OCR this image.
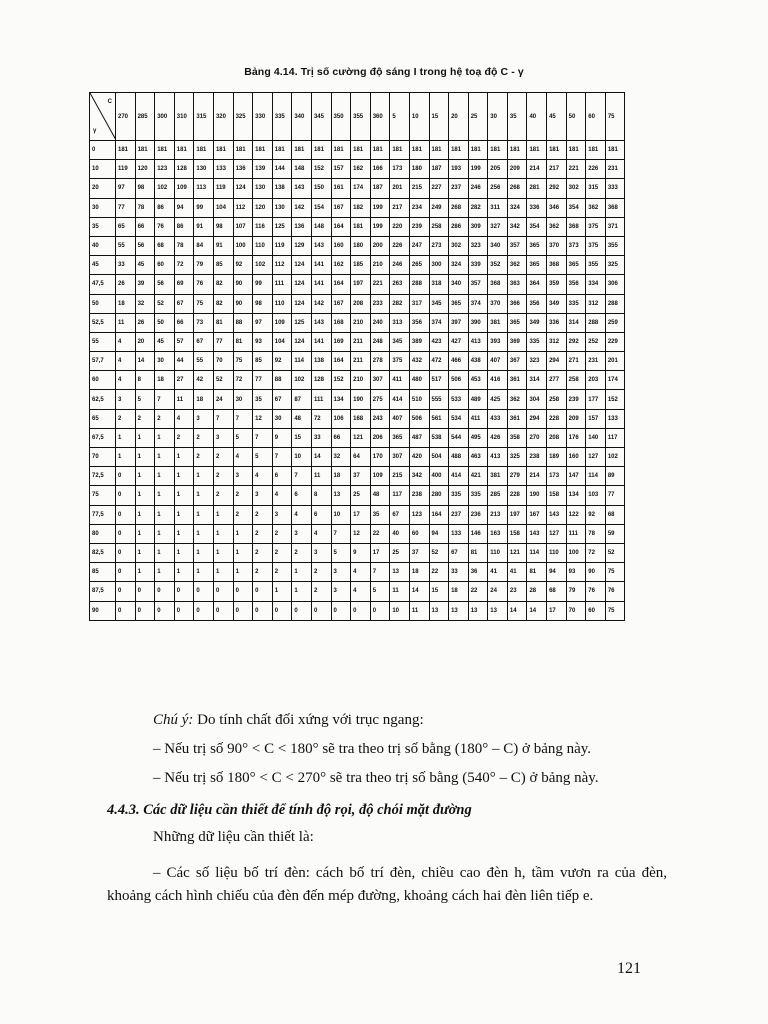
Bảng 4.14. Trị số cường độ sáng I trong hệ toạ độ C - γ
C
γ	270	285	300	310	315	320	325	330	335	340	345	350	355	360	5	10	15	20	25	30	35	40	45	50	60	75
0	181	181	181	181	181	181	181	181	181	181	181	181	181	181	181	181	181	181	181	181	181	181	181	181	181	181
10	119	120	123	128	130	133	136	139	144	148	152	157	162	166	173	180	187	193	199	205	209	214	217	221	226	231
20	97	98	102	109	113	119	124	130	138	143	150	161	174	187	201	215	227	237	246	256	268	281	292	302	315	333
30	77	78	86	94	99	104	112	120	130	142	154	167	182	199	217	234	249	268	282	311	324	336	346	354	362	368
35	65	66	76	86	91	98	107	116	125	136	148	164	181	199	220	239	258	286	309	327	342	354	362	368	375	371
40	55	56	68	78	84	91	100	110	119	129	143	160	180	200	226	247	273	302	323	340	357	365	370	373	375	355
45	33	45	60	72	79	85	92	102	112	124	141	162	185	210	246	265	300	324	339	352	362	365	368	365	355	325
47,5	26	39	56	69	76	82	90	99	111	124	141	164	197	221	263	288	318	340	357	368	363	364	359	356	334	306
50	18	32	52	67	75	82	90	98	110	124	142	167	208	233	282	317	345	365	374	370	366	356	349	335	312	288
52,5	11	26	50	66	73	81	88	97	109	125	143	168	210	240	313	356	374	397	390	381	365	349	336	314	288	259
55	4	20	45	57	67	77	81	93	104	124	141	169	211	248	345	389	423	427	413	393	369	335	312	292	252	229
57,7	4	14	30	44	55	70	75	85	92	114	138	164	211	278	375	432	472	466	438	407	367	323	294	271	231	201
60	4	8	18	27	42	52	72	77	88	102	128	152	210	307	411	480	517	506	453	416	361	314	277	258	203	174
62,5	3	5	7	11	18	24	30	35	67	87	111	134	190	275	414	510	555	533	489	425	362	304	258	239	177	152
65	2	2	2	4	3	7	7	12	30	48	72	106	168	243	407	506	561	534	411	433	361	294	228	209	157	133
67,5	1	1	1	2	2	3	5	7	9	15	33	66	121	206	365	487	538	544	495	426	358	270	208	176	140	117
70	1	1	1	1	2	2	4	5	7	10	14	32	64	170	307	420	504	488	463	413	325	238	189	160	127	102
72,5	0	1	1	1	1	2	3	4	6	7	11	18	37	109	215	342	400	414	421	381	279	214	173	147	114	89
75	0	1	1	1	1	2	2	3	4	6	8	13	25	48	117	238	280	335	335	285	228	190	158	134	103	77
77,5	0	1	1	1	1	1	2	2	3	4	6	10	17	35	67	123	164	237	236	213	197	167	143	122	92	68
80	0	1	1	1	1	1	1	2	2	3	4	7	12	22	40	60	94	133	146	163	158	143	127	111	78	59
82,5	0	1	1	1	1	1	1	2	2	2	3	5	9	17	25	37	52	67	81	110	121	114	110	100	72	52
85	0	1	1	1	1	1	1	2	2	1	2	3	4	7	13	18	22	33	36	41	41	81	94	93	90	75
87,5	0	0	0	0	0	0	0	0	1	1	2	3	4	5	11	14	15	18	22	24	23	28	68	79	76	76
90	0	0	0	0	0	0	0	0	0	0	0	0	0	0	10	11	13	13	13	13	14	14	17	70	60	75
Chú ý: Do tính chất đối xứng với trục ngang:
– Nếu trị số 90° < C < 180° sẽ tra theo trị số bằng (180° – C) ở bảng này.
– Nếu trị số 180° < C < 270° sẽ tra theo trị số bằng (540° – C) ở bảng này.
4.4.3. Các dữ liệu cần thiết để tính độ rọi, độ chói mặt đường
Những dữ liệu cần thiết là:
– Các số liệu bố trí đèn: cách bố trí đèn, chiều cao đèn h, tầm vươn ra của đèn, khoảng cách hình chiếu của đèn đến mép đường, khoảng cách hai đèn liên tiếp e.
121
